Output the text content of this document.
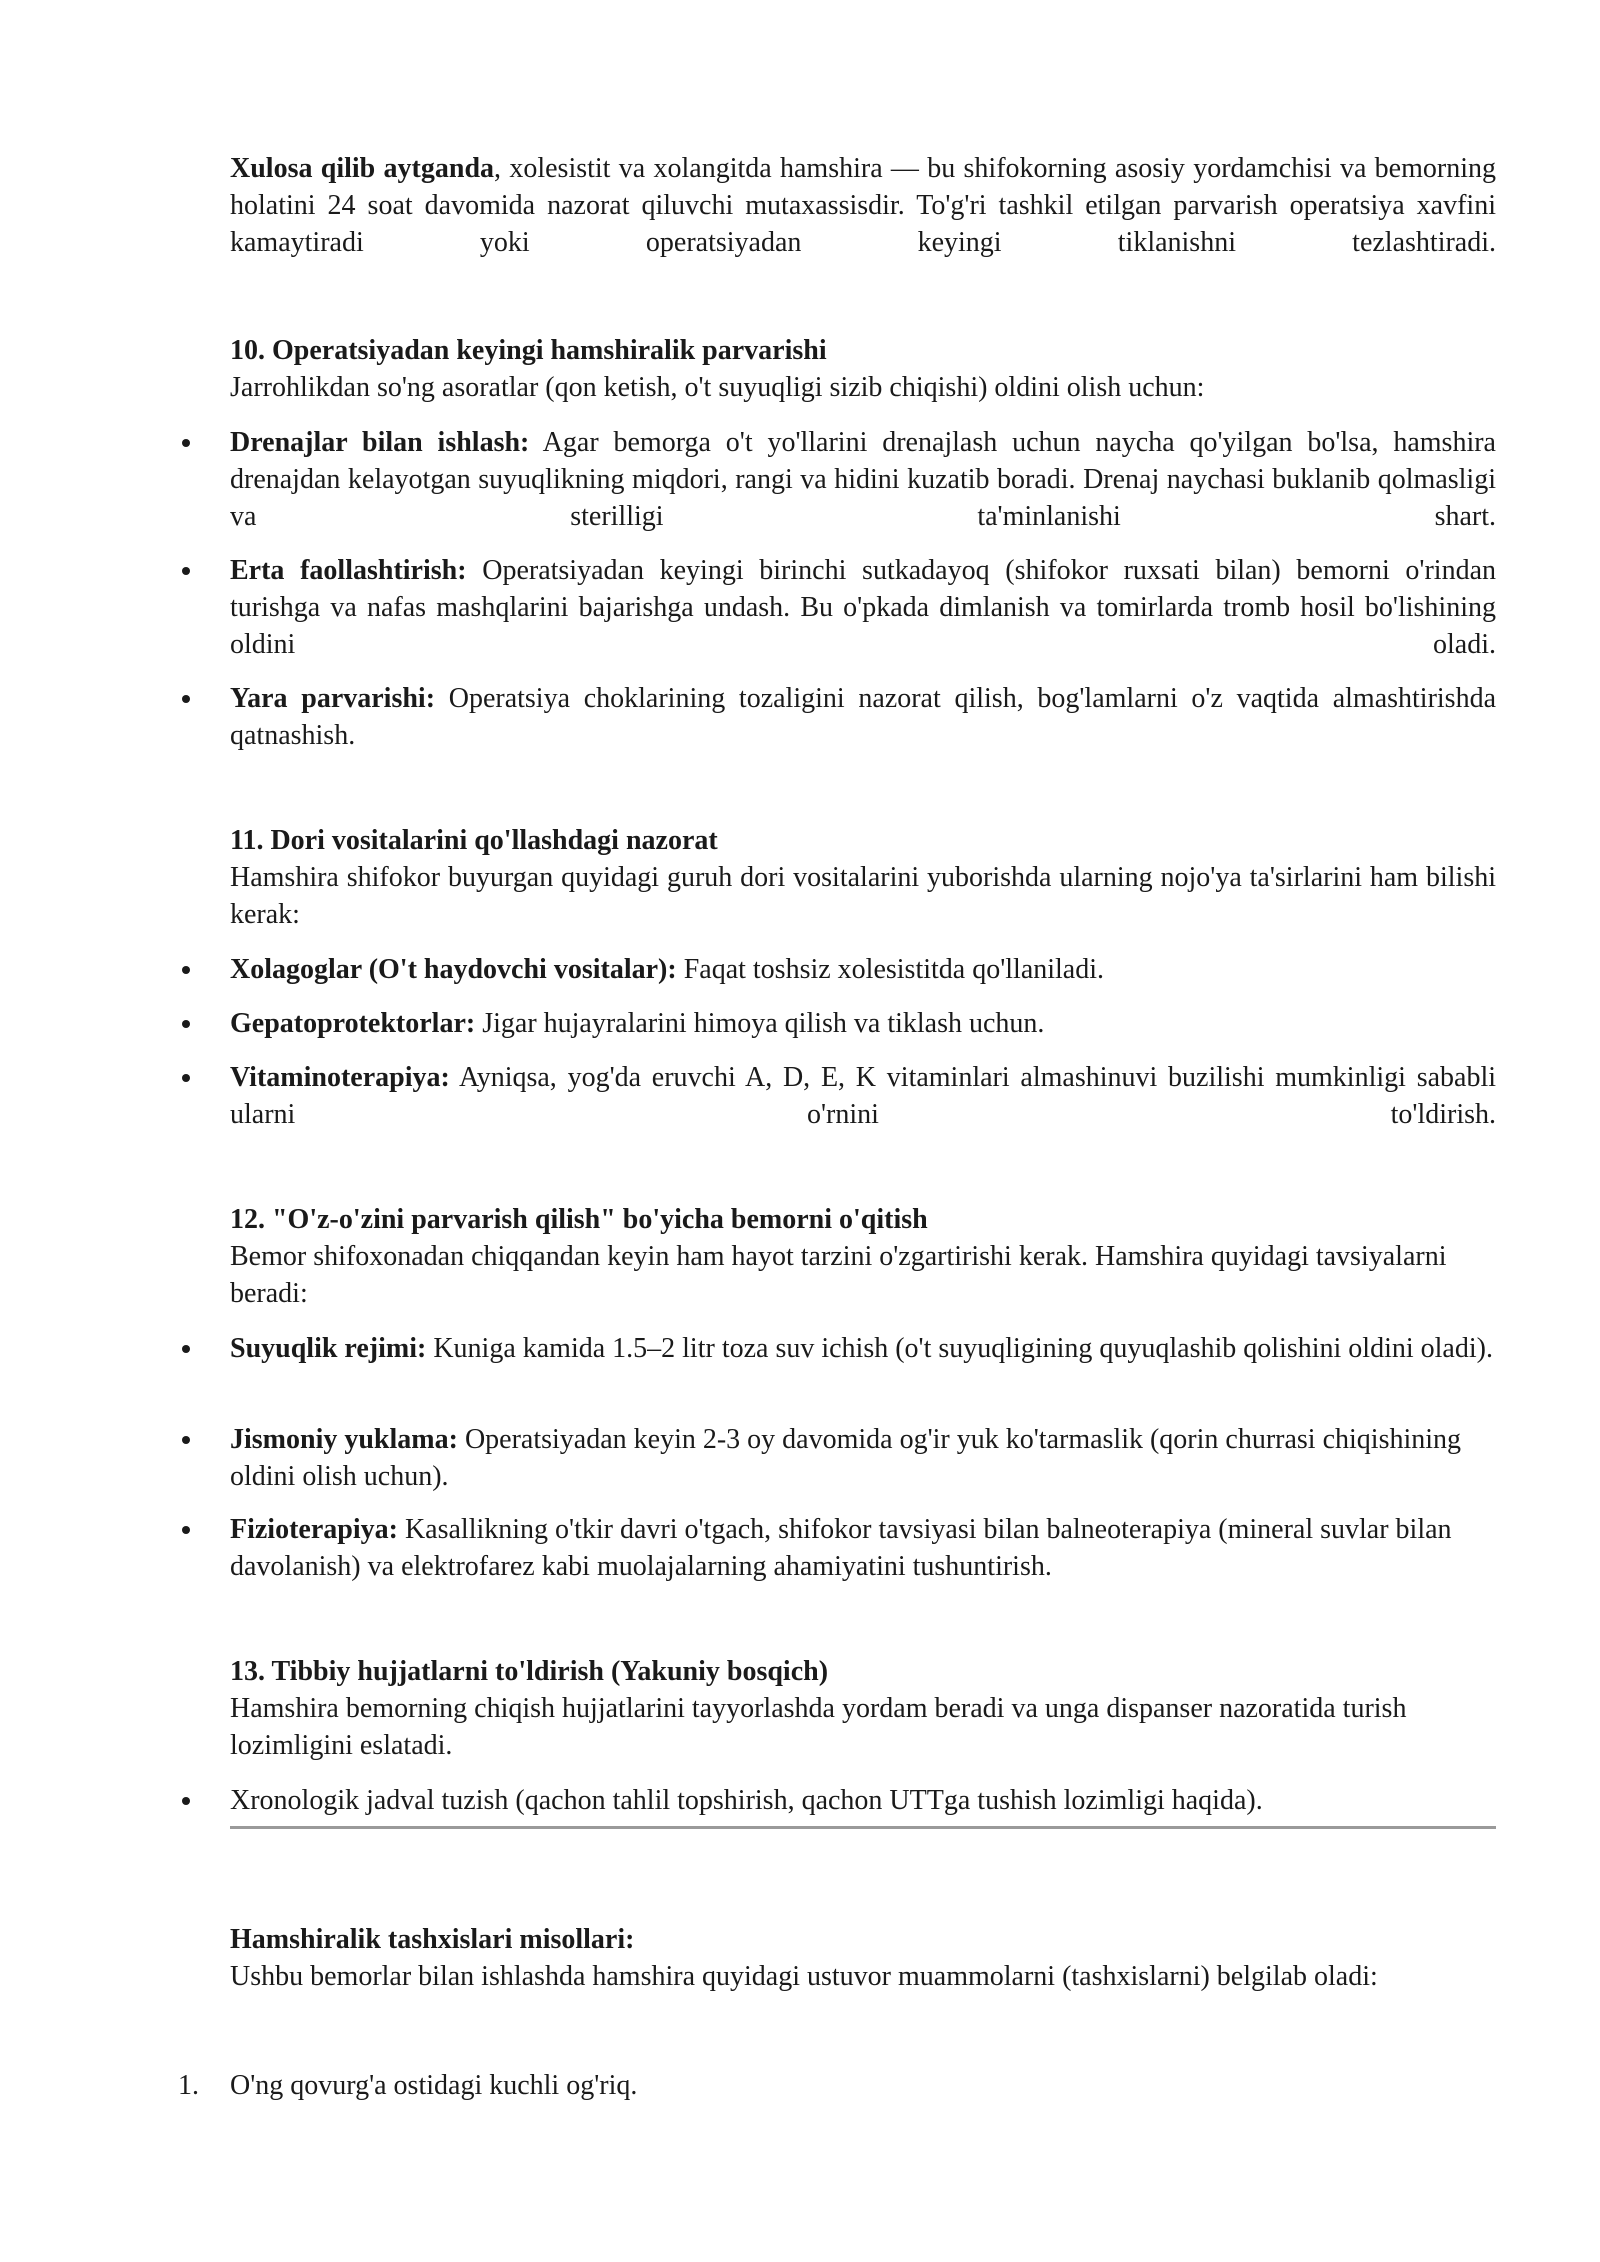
Xulosa qilib aytganda, xolesistit va xolangitda hamshira — bu shifokorning asosiy yordamchisi va bemorning holatini 24 soat davomida nazorat qiluvchi mutaxassisdir. To'g'ri tashkil etilgan parvarish operatsiya xavfini kamaytiradi yoki operatsiyadan keyingi tiklanishni tezlashtiradi.

10. Operatsiyadan keyingi hamshiralik parvarishi
Jarrohlikdan so'ng asoratlar (qon ketish, o't suyuqligi sizib chiqishi) oldini olish uchun:
Drenajlar bilan ishlash: Agar bemorga o't yo'llarini drenajlash uchun naycha qo'yilgan bo'lsa, hamshira drenajdan kelayotgan suyuqlikning miqdori, rangi va hidini kuzatib boradi. Drenaj naychasi buklanib qolmasligi va sterilligi ta'minlanishi shart.
Erta faollashtirish: Operatsiyadan keyingi birinchi sutkadayoq (shifokor ruxsati bilan) bemorni o'rindan turishga va nafas mashqlarini bajarishga undash. Bu o'pkada dimlanish va tomirlarda tromb hosil bo'lishining oldini oladi.
Yara parvarishi: Operatsiya choklarining tozaligini nazorat qilish, bog'lamlarni o'z vaqtida almashtirishda qatnashish.
11. Dori vositalarini qo'llashdagi nazorat
Hamshira shifokor buyurgan quyidagi guruh dori vositalarini yuborishda ularning nojo'ya ta'sirlarini ham bilishi kerak:
Xolagoglar (O't haydovchi vositalar): Faqat toshsiz xolesistitda qo'llaniladi.
Gepatoprotektorlar: Jigar hujayralarini himoya qilish va tiklash uchun.
Vitaminoterapiya: Ayniqsa, yog'da eruvchi A, D, E, K vitaminlari almashinuvi buzilishi mumkinligi sababli ularni o'rnini to'ldirish.
12. "O'z-o'zini parvarish qilish" bo'yicha bemorni o'qitish
Bemor shifoxonadan chiqqandan keyin ham hayot tarzini o'zgartirishi kerak. Hamshira quyidagi tavsiyalarni beradi:
Suyuqlik rejimi: Kuniga kamida 1.5–2 litr toza suv ichish (o't suyuqligining quyuqlashib qolishini oldini oladi).
Jismoniy yuklama: Operatsiyadan keyin 2-3 oy davomida og'ir yuk ko'tarmaslik (qorin churrasi chiqishining oldini olish uchun).
Fizioterapiya: Kasallikning o'tkir davri o'tgach, shifokor tavsiyasi bilan balneoterapiya (mineral suvlar bilan davolanish) va elektrofarez kabi muolajalarning ahamiyatini tushuntirish.
13. Tibbiy hujjatlarni to'ldirish (Yakuniy bosqich)
Hamshira bemorning chiqish hujjatlarini tayyorlashda yordam beradi va unga dispanser nazoratida turish lozimligini eslatadi.
Xronologik jadval tuzish (qachon tahlil topshirish, qachon UTTga tushish lozimligi haqida).
Hamshiralik tashxislari misollari:
Ushbu bemorlar bilan ishlashda hamshira quyidagi ustuvor muammolarni (tashxislarni) belgilab oladi:
1. O'ng qovurg'a ostidagi kuchli og'riq.
